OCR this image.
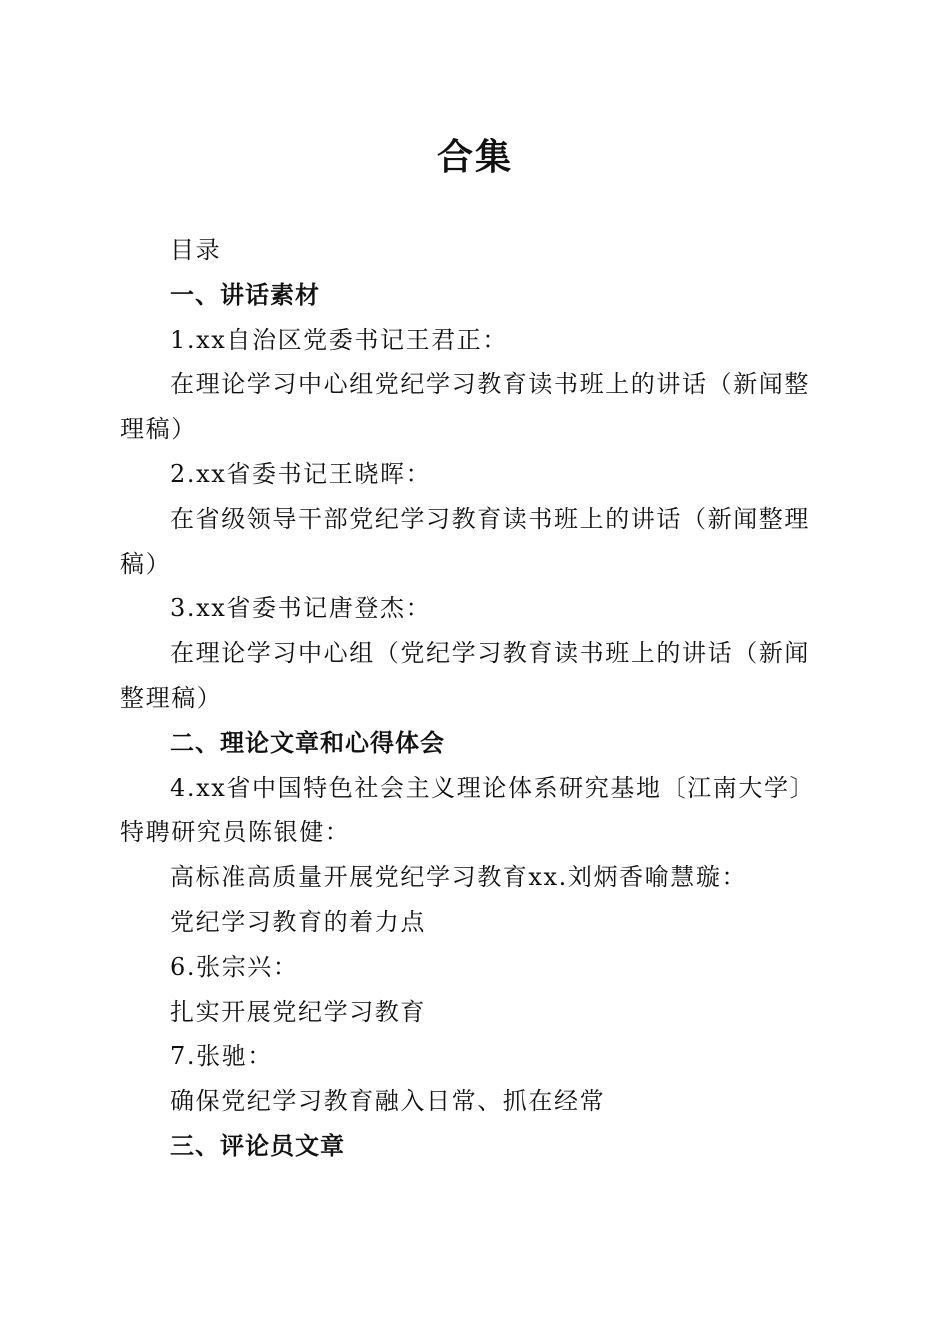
合集

目录

一、讲话素材

1.xx自治区党委书记王君正：

在理论学习中心组党纪学习教育读书班上的讲话（新闻整理稿）

2.xx省委书记王晓晖：

在省级领导干部党纪学习教育读书班上的讲话（新闻整理稿）

3.xx省委书记唐登杰：

在理论学习中心组（党纪学习教育读书班上的讲话（新闻整理稿）

二、理论文章和心得体会

4.xx省中国特色社会主义理论体系研究基地〔江南大学〕特聘研究员陈银健：

高标准高质量开展党纪学习教育xx.刘炳香喻慧璇：

党纪学习教育的着力点

6.张宗兴：

扎实开展党纪学习教育

7.张驰：

确保党纪学习教育融入日常、抓在经常

三、评论员文章
